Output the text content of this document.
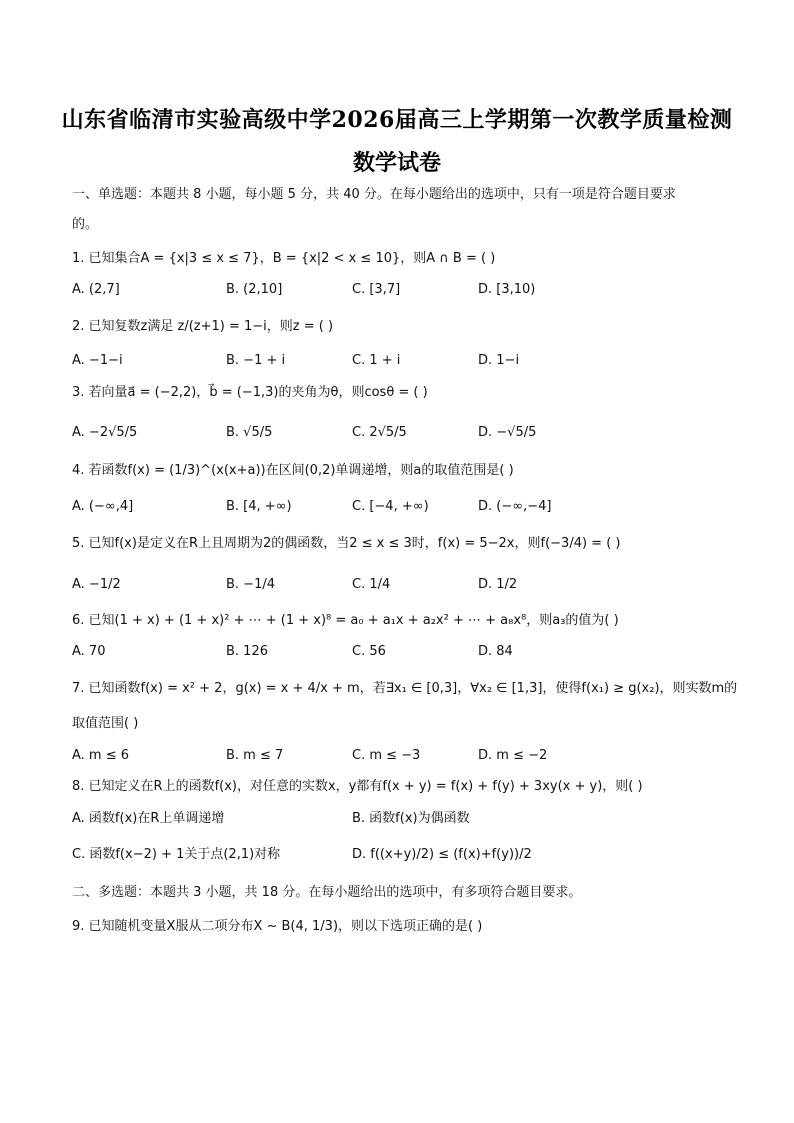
山东省临清市实验高级中学2026届高三上学期第一次教学质量检测
数学试卷
一、单选题：本题共 8 小题，每小题 5 分，共 40 分。在每小题给出的选项中，只有一项是符合题目要求
的。
1. 已知集合A = {x|3 ≤ x ≤ 7}，B = {x|2 < x ≤ 10}，则A ∩ B = ( )
A. (2,7]	B. (2,10]	C. [3,7]	D. [3,10)
2. 已知复数z满足 z/(z+1) = 1−i，则z = ( )
A. −1−i	B. −1 + i	C. 1 + i	D. 1−i
3. 若向量a⃗ = (−2,2)，b⃗ = (−1,3)的夹角为θ，则cosθ = ( )
A. −2√5/5	B. √5/5	C. 2√5/5	D. −√5/5
4. 若函数f(x) = (1/3)^(x(x+a))在区间(0,2)单调递增，则a的取值范围是( )
A. (−∞,4]	B. [4, +∞)	C. [−4, +∞)	D. (−∞,−4]
5. 已知f(x)是定义在R上且周期为2的偶函数，当2 ≤ x ≤ 3时，f(x) = 5−2x，则f(−3/4) = ( )
A. −1/2	B. −1/4	C. 1/4	D. 1/2
6. 已知(1 + x) + (1 + x)² + ⋯ + (1 + x)⁸ = a₀ + a₁x + a₂x² + ⋯ + a₈x⁸，则a₃的值为( )
A. 70	B. 126	C. 56	D. 84
7. 已知函数f(x) = x² + 2，g(x) = x + 4/x + m，若∃x₁ ∈ [0,3]，∀x₂ ∈ [1,3]，使得f(x₁) ≥ g(x₂)，则实数m的
取值范围( )
A. m ≤ 6	B. m ≤ 7	C. m ≤ −3	D. m ≤ −2
8. 已知定义在R上的函数f(x)，对任意的实数x，y都有f(x + y) = f(x) + f(y) + 3xy(x + y)，则( )
A. 函数f(x)在R上单调递增	B. 函数f(x)为偶函数
C. 函数f(x−2) + 1关于点(2,1)对称	D. f((x+y)/2) ≤ (f(x)+f(y))/2
二、多选题：本题共 3 小题，共 18 分。在每小题给出的选项中，有多项符合题目要求。
9. 已知随机变量X服从二项分布X ~ B(4, 1/3)，则以下选项正确的是( )
